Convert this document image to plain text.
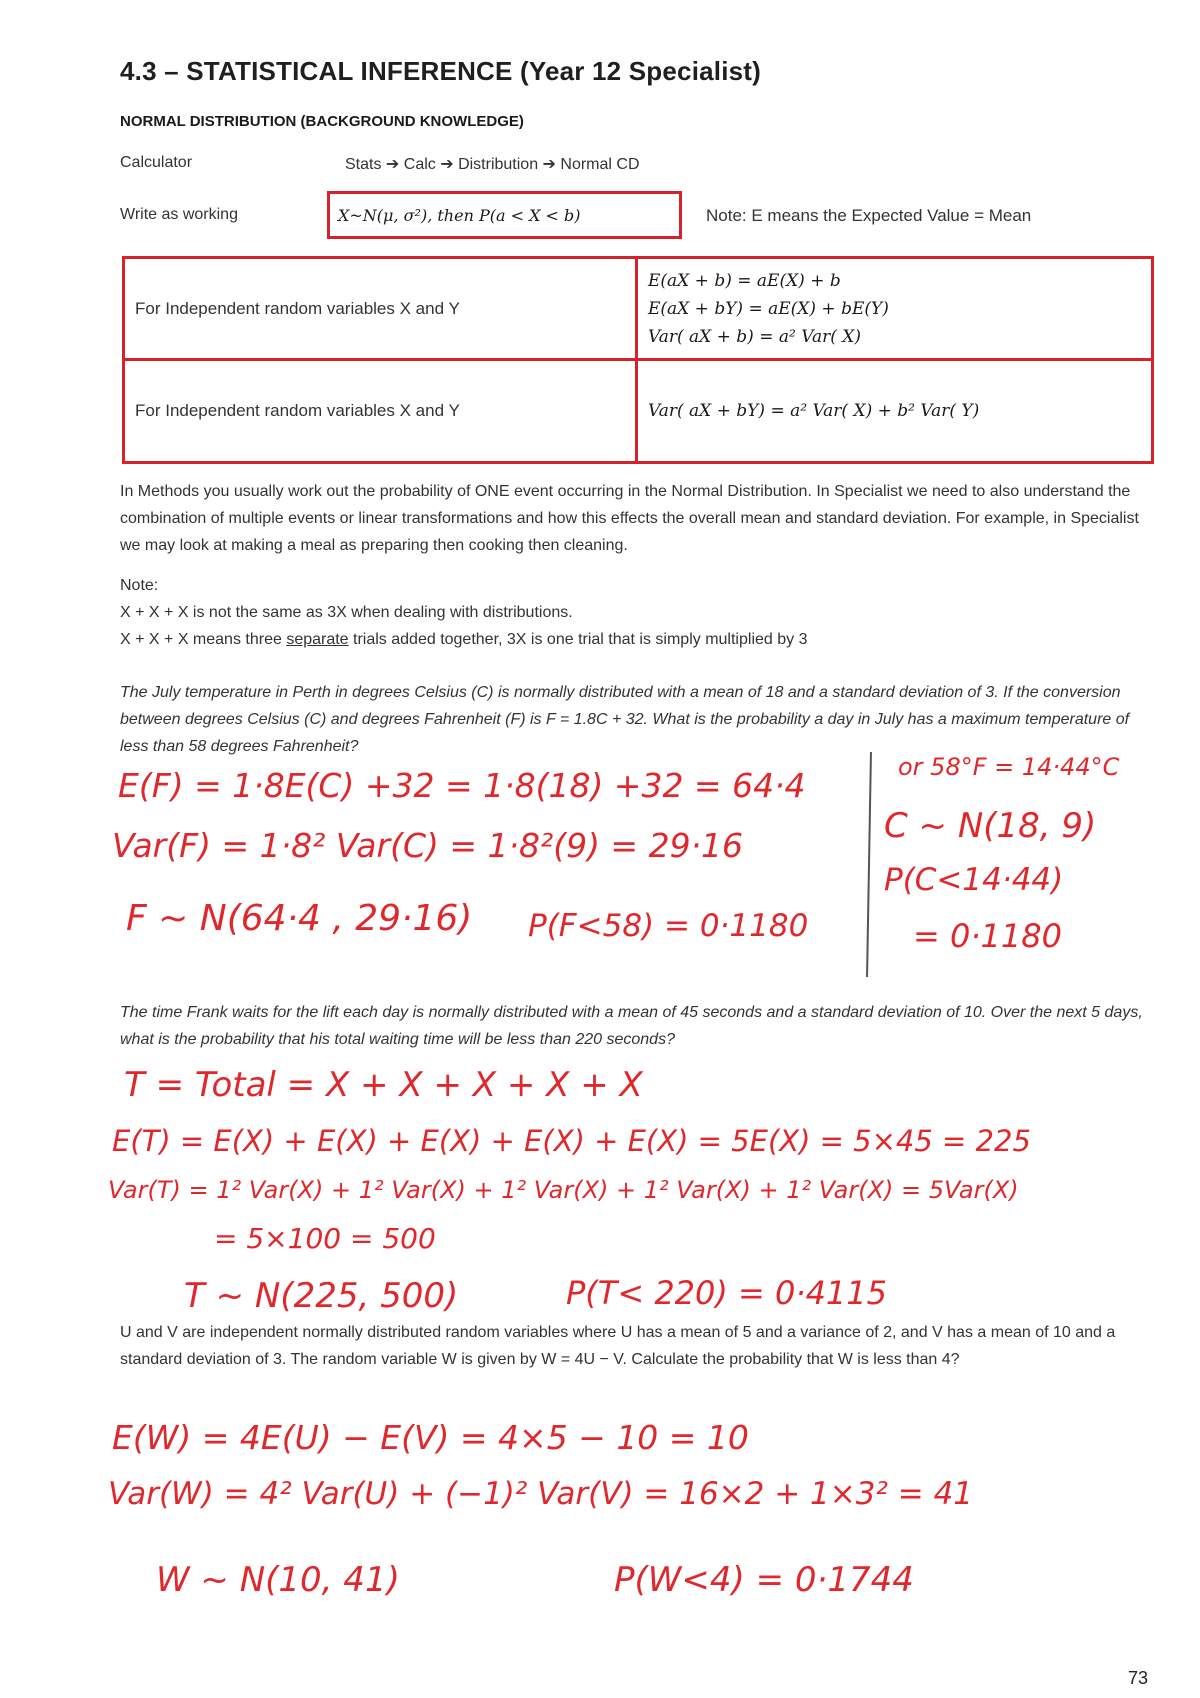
4.3 – STATISTICAL INFERENCE (Year 12 Specialist)
NORMAL DISTRIBUTION (BACKGROUND KNOWLEDGE)
Calculator	Stats ➔ Calc ➔ Distribution ➔ Normal CD
Write as working	X~N(μ, σ²), then P(a < X < b)	Note: E means the Expected Value = Mean
For Independent random variables X and Y	E(aX + b) = aE(X) + b
E(aX + bY) = aE(X) + bE(Y)
Var( aX + b) = a² Var( X)

For Independent random variables X and Y	Var( aX + bY) = a² Var( X) + b² Var( Y)
In Methods you usually work out the probability of ONE event occurring in the Normal Distribution. In Specialist we need to also understand the combination of multiple events or linear transformations and how this effects the overall mean and standard deviation. For example, in Specialist we may look at making a meal as preparing then cooking then cleaning.
Note:
X + X + X is not the same as 3X when dealing with distributions.
X + X + X means three separate trials added together, 3X is one trial that is simply multiplied by 3
The July temperature in Perth in degrees Celsius (C) is normally distributed with a mean of 18 and a standard deviation of 3. If the conversion between degrees Celsius (C) and degrees Fahrenheit (F) is F = 1.8C + 32. What is the probability a day in July has a maximum temperature of less than 58 degrees Fahrenheit?
E(F) = 1·8E(C) +32 = 1·8(18) +32 = 64·4
Var(F) = 1·8² Var(C) = 1·8²(9) = 29·16
F ~ N(64·4 , 29·16) P(F<58) = 0·1180
or 58°F = 14·44°C
C ~ N(18, 9)
P(C<14·44)
= 0·1180
The time Frank waits for the lift each day is normally distributed with a mean of 45 seconds and a standard deviation of 10. Over the next 5 days, what is the probability that his total waiting time will be less than 220 seconds?
T = Total = X + X + X + X + X
E(T) = E(X) + E(X) + E(X) + E(X) + E(X) = 5E(X) = 5×45 = 225
Var(T) = 1² Var(X) + 1² Var(X) + 1² Var(X) + 1² Var(X) + 1² Var(X) = 5Var(X)
= 5×100 = 500
T ~ N(225, 500)	P(T< 220) = 0·4115
U and V are independent normally distributed random variables where U has a mean of 5 and a variance of 2, and V has a mean of 10 and a standard deviation of 3. The random variable W is given by W = 4U − V. Calculate the probability that W is less than 4?
E(W) = 4E(U) − E(V) = 4×5 − 10 = 10
Var(W) = 4² Var(U) + (−1)² Var(V) = 16×2 + 1×3² = 41
W ~ N(10, 41)	P(W<4) = 0·1744
73
